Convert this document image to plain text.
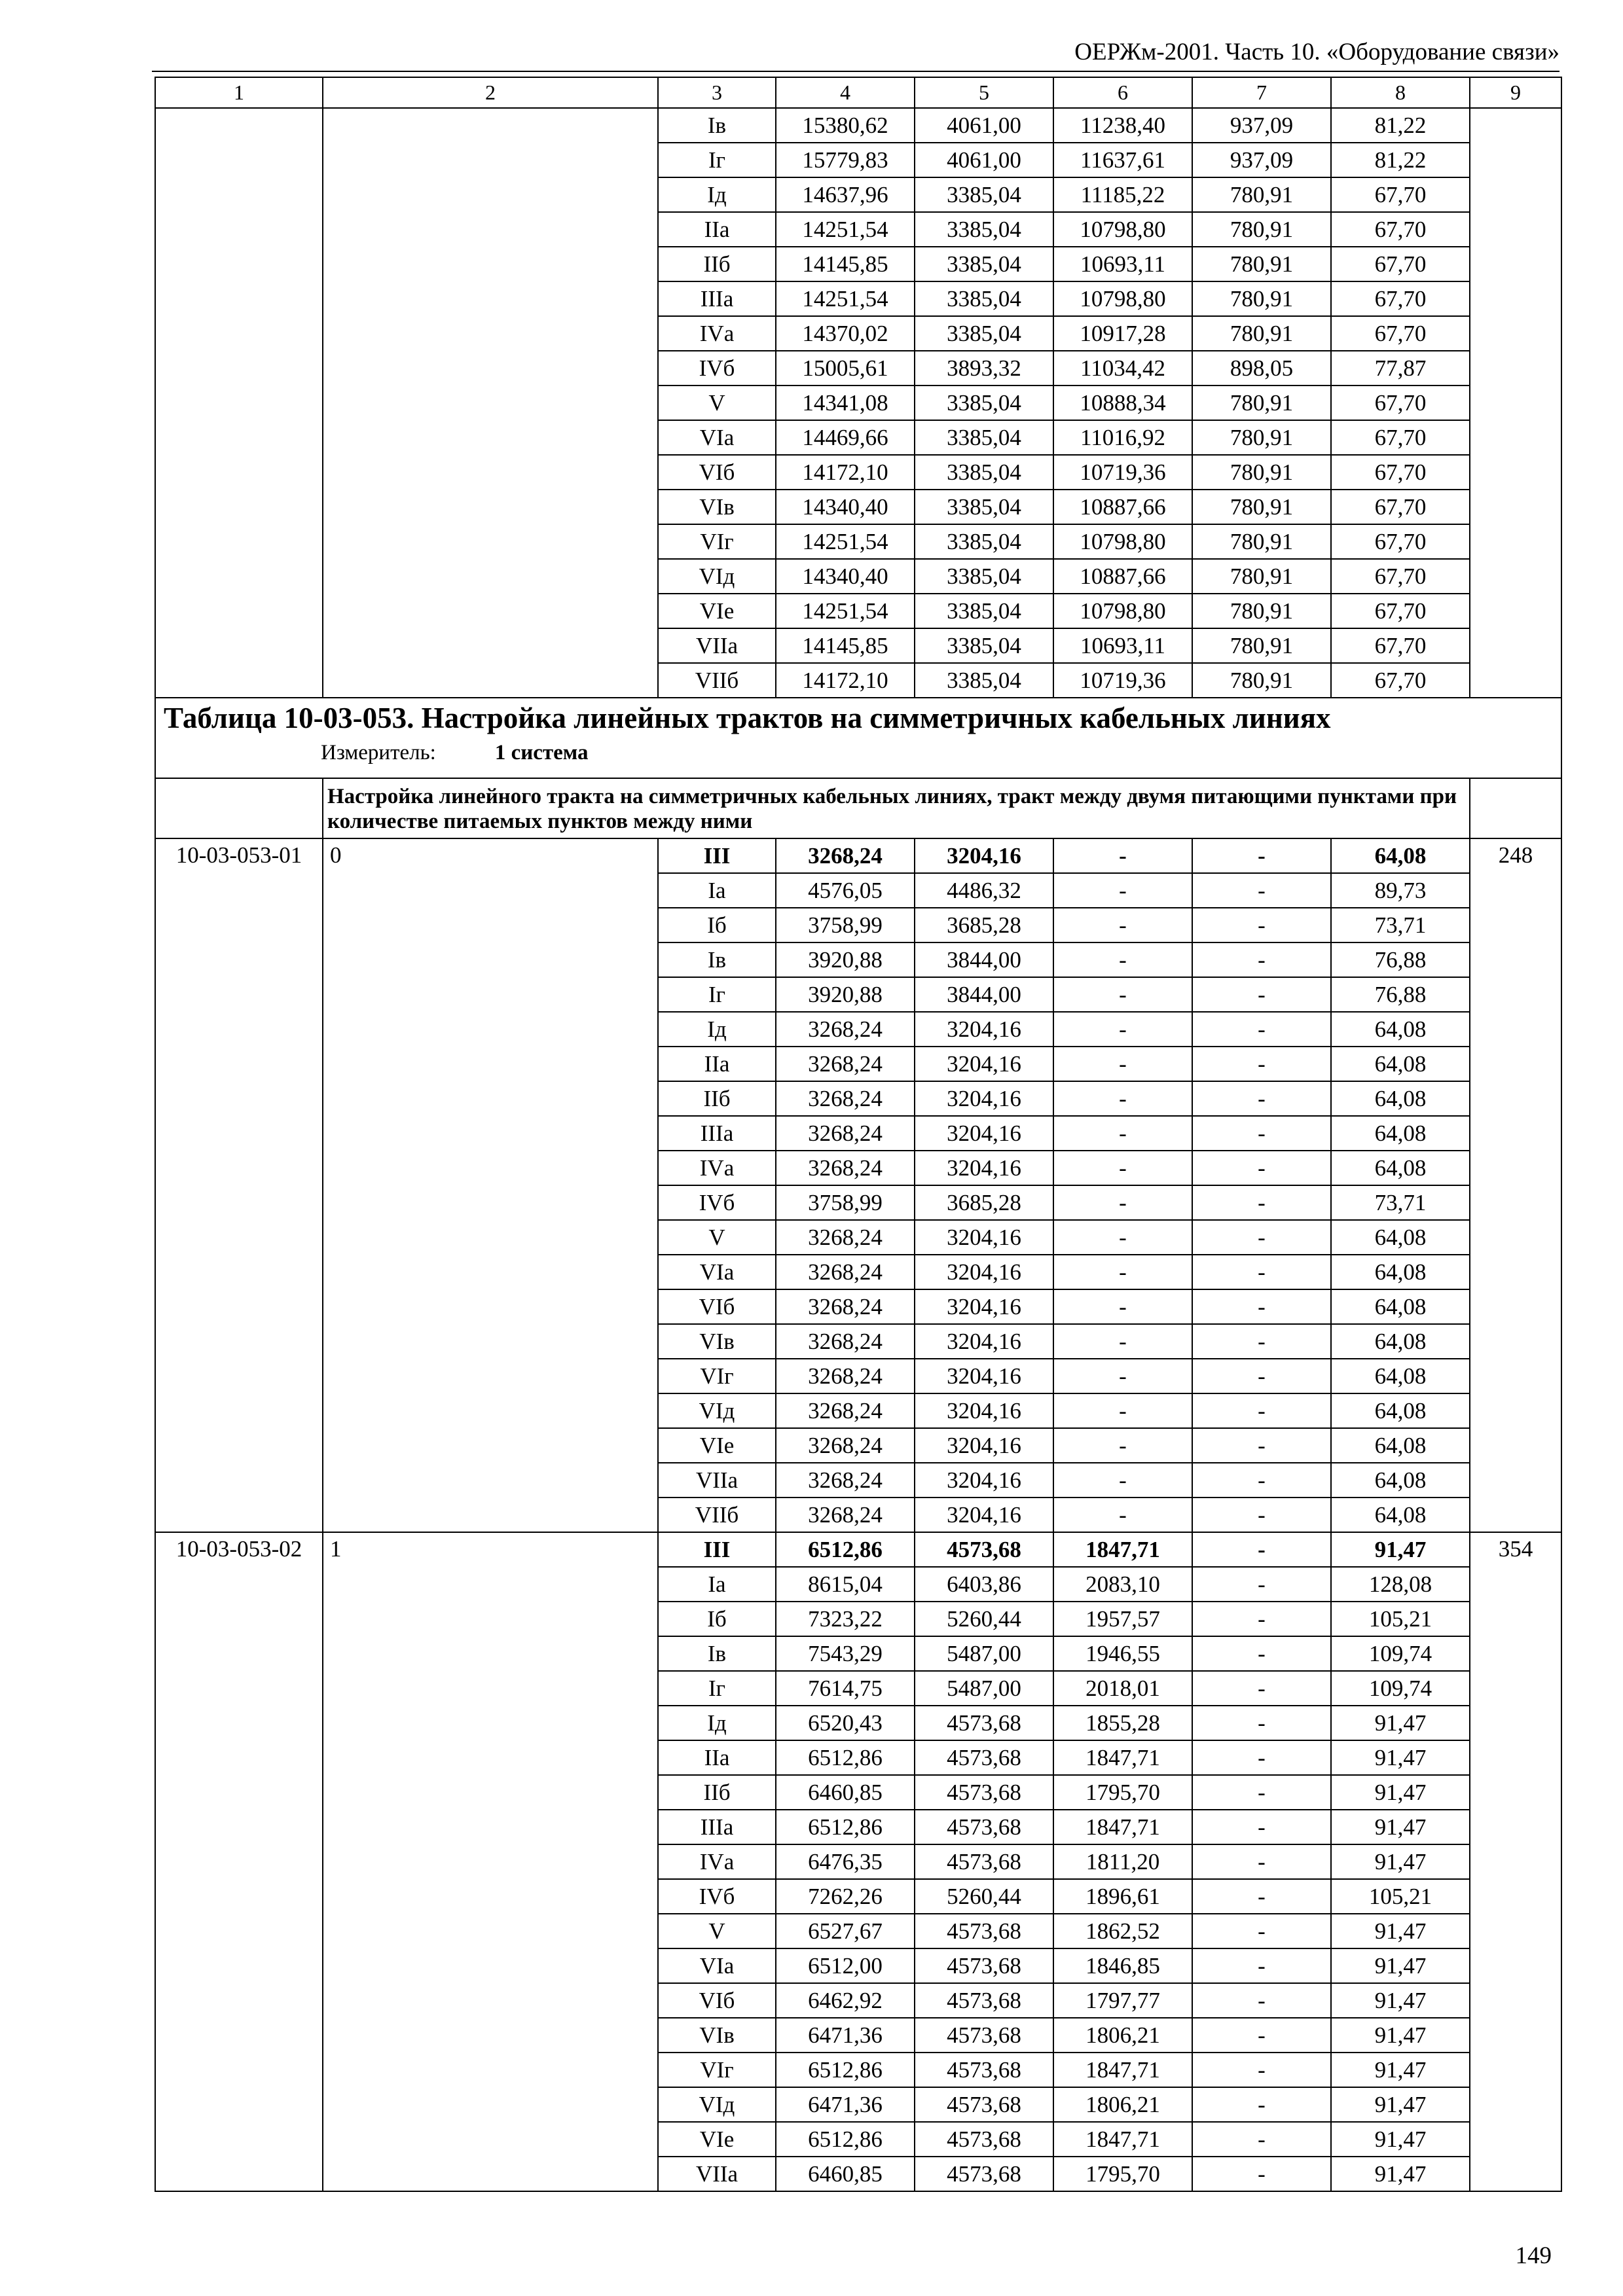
ОЕРЖм-2001. Часть 10. «Оборудование связи»
1	2	3	4	5	6	7	8	9
		Iв	15380,62	4061,00	11238,40	937,09	81,22	
		Iг	15779,83	4061,00	11637,61	937,09	81,22	
		Iд	14637,96	3385,04	11185,22	780,91	67,70	
		IIа	14251,54	3385,04	10798,80	780,91	67,70	
		IIб	14145,85	3385,04	10693,11	780,91	67,70	
		IIIа	14251,54	3385,04	10798,80	780,91	67,70	
		IVа	14370,02	3385,04	10917,28	780,91	67,70	
		IVб	15005,61	3893,32	11034,42	898,05	77,87	
		V	14341,08	3385,04	10888,34	780,91	67,70	
		VIа	14469,66	3385,04	11016,92	780,91	67,70	
		VIб	14172,10	3385,04	10719,36	780,91	67,70	
		VIв	14340,40	3385,04	10887,66	780,91	67,70	
		VIг	14251,54	3385,04	10798,80	780,91	67,70	
		VIд	14340,40	3385,04	10887,66	780,91	67,70	
		VIе	14251,54	3385,04	10798,80	780,91	67,70	
		VIIа	14145,85	3385,04	10693,11	780,91	67,70	
		VIIб	14172,10	3385,04	10719,36	780,91	67,70	

Таблица 10-03-053. Настройка линейных трактов на симметричных кабельных линиях
Измеритель: 1 система								

	Настройка линейного тракта на симметричных кабельных линиях, тракт между двумя питающими пунктами при количестве питаемых пунктов между ними							

10-03-053-01	0	III	3268,24	3204,16	-	-	64,08	248
		Iа	4576,05	4486,32	-	-	89,73	
		Iб	3758,99	3685,28	-	-	73,71	
		Iв	3920,88	3844,00	-	-	76,88	
		Iг	3920,88	3844,00	-	-	76,88	
		Iд	3268,24	3204,16	-	-	64,08	
		IIа	3268,24	3204,16	-	-	64,08	
		IIб	3268,24	3204,16	-	-	64,08	
		IIIа	3268,24	3204,16	-	-	64,08	
		IVа	3268,24	3204,16	-	-	64,08	
		IVб	3758,99	3685,28	-	-	73,71	
		V	3268,24	3204,16	-	-	64,08	
		VIа	3268,24	3204,16	-	-	64,08	
		VIб	3268,24	3204,16	-	-	64,08	
		VIв	3268,24	3204,16	-	-	64,08	
		VIг	3268,24	3204,16	-	-	64,08	
		VIд	3268,24	3204,16	-	-	64,08	
		VIе	3268,24	3204,16	-	-	64,08	
		VIIа	3268,24	3204,16	-	-	64,08	
		VIIб	3268,24	3204,16	-	-	64,08	
10-03-053-02	1	III	6512,86	4573,68	1847,71	-	91,47	354
		Iа	8615,04	6403,86	2083,10	-	128,08	
		Iб	7323,22	5260,44	1957,57	-	105,21	
		Iв	7543,29	5487,00	1946,55	-	109,74	
		Iг	7614,75	5487,00	2018,01	-	109,74	
		Iд	6520,43	4573,68	1855,28	-	91,47	
		IIа	6512,86	4573,68	1847,71	-	91,47	
		IIб	6460,85	4573,68	1795,70	-	91,47	
		IIIа	6512,86	4573,68	1847,71	-	91,47	
		IVа	6476,35	4573,68	1811,20	-	91,47	
		IVб	7262,26	5260,44	1896,61	-	105,21	
		V	6527,67	4573,68	1862,52	-	91,47	
		VIа	6512,00	4573,68	1846,85	-	91,47	
		VIб	6462,92	4573,68	1797,77	-	91,47	
		VIв	6471,36	4573,68	1806,21	-	91,47	
		VIг	6512,86	4573,68	1847,71	-	91,47	
		VIд	6471,36	4573,68	1806,21	-	91,47	
		VIе	6512,86	4573,68	1847,71	-	91,47	
		VIIа	6460,85	4573,68	1795,70	-	91,47	
149
